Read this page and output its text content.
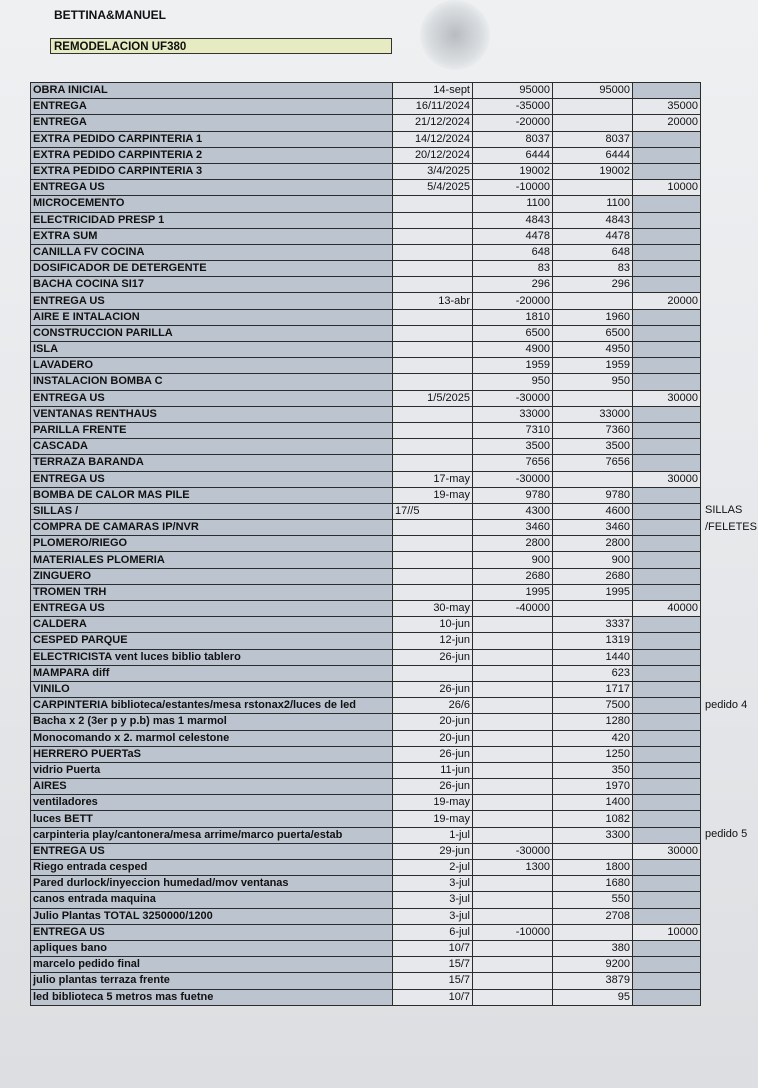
BETTINA&MANUEL
REMODELACION UF380
OBRA INICIAL	14-sept	95000	95000	
ENTREGA	16/11/2024	-35000		35000
ENTREGA	21/12/2024	-20000		20000
EXTRA PEDIDO CARPINTERIA 1	14/12/2024	8037	8037	
EXTRA PEDIDO CARPINTERIA 2	20/12/2024	6444	6444	
EXTRA PEDIDO CARPINTERIA 3	3/4/2025	19002	19002	
ENTREGA US	5/4/2025	-10000		10000
MICROCEMENTO		1100	1100	
ELECTRICIDAD PRESP 1		4843	4843	
EXTRA SUM		4478	4478	
CANILLA FV COCINA		648	648	
DOSIFICADOR DE DETERGENTE		83	83	
BACHA COCINA SI17		296	296	
ENTREGA US	13-abr	-20000		20000
AIRE E INTALACION		1810	1960	
CONSTRUCCION PARILLA		6500	6500	
ISLA		4900	4950	
LAVADERO		1959	1959	
INSTALACION BOMBA C		950	950	
ENTREGA US	1/5/2025	-30000		30000
VENTANAS RENTHAUS		33000	33000	
PARILLA FRENTE		7310	7360	
CASCADA		3500	3500	
TERRAZA BARANDA		7656	7656	
ENTREGA US	17-may	-30000		30000
BOMBA DE CALOR MAS PILE	19-may	9780	9780	
SILLAS /	17//5	4300	4600	
COMPRA DE CAMARAS IP/NVR		3460	3460	
PLOMERO/RIEGO		2800	2800	
MATERIALES PLOMERIA		900	900	
ZINGUERO		2680	2680	
TROMEN TRH		1995	1995	
ENTREGA US	30-may	-40000		40000
CALDERA	10-jun		3337	
CESPED PARQUE	12-jun		1319	
ELECTRICISTA vent luces biblio tablero	26-jun		1440	
MAMPARA diff			623	
VINILO	26-jun		1717	
CARPINTERIA biblioteca/estantes/mesa rstonax2/luces de led	26/6		7500	
Bacha x 2 (3er p y p.b) mas 1 marmol	20-jun		1280	
Monocomando x 2. marmol celestone	20-jun		420	
HERRERO PUERTaS	26-jun		1250	
vidrio Puerta	11-jun		350	
AIRES	26-jun		1970	
ventiladores	19-may		1400	
luces BETT	19-may		1082	
carpinteria play/cantonera/mesa arrime/marco puerta/estab	1-jul		3300	
ENTREGA US	29-jun	-30000		30000
Riego entrada cesped	2-jul	1300	1800	
Pared durlock/inyeccion humedad/mov ventanas	3-jul		1680	
canos entrada maquina	3-jul		550	
Julio Plantas TOTAL 3250000/1200	3-jul		2708	
ENTREGA US	6-jul	-10000		10000
apliques bano	10/7		380	
marcelo pedido final	15/7		9200	
julio plantas terraza frente	15/7		3879	
led biblioteca 5 metros mas fuetne	10/7		95	
SILLAS
/FELETES
pedido 4
pedido 5
